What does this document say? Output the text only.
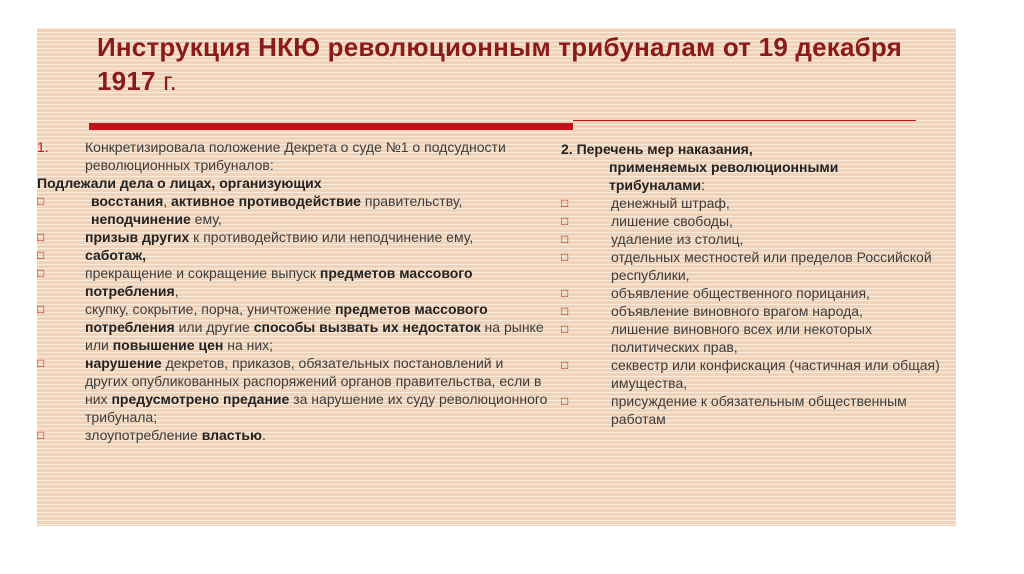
Инструкция НКЮ революционным трибуналам от 19 декабря 1917 г.
1.	Конкретизировала положение Декрета о суде №1 о подсудности революционных трибуналов:
Подлежали дела о лицах, организующих
□	восстания, активное противодействие правительству, неподчинение ему,
□	призыв других к противодействию или неподчинение ему,
□	саботаж,
□	прекращение и сокращение выпуск предметов массового потребления,
□	скупку, сокрытие, порча, уничтожение предметов массового потребления или другие способы вызвать их недостаток на рынке или повышение цен на них;
□	нарушение декретов, приказов, обязательных постановлений и других опубликованных распоряжений органов правительства, если в них предусмотрено предание за нарушение их суду революционного трибунала;
□	злоупотребление властью.
2. Перечень мер наказания,
применяемых революционными
трибуналами:
□	денежный штраф,
□	лишение свободы,
□	удаление из столиц,
□	отдельных местностей или пределов Российской республики,
□	объявление общественного порицания,
□	объявление виновного врагом народа,
□	лишение виновного всех или некоторых политических прав,
□	секвестр или конфискация (частичная или общая) имущества,
□	присуждение к обязательным общественным работам
